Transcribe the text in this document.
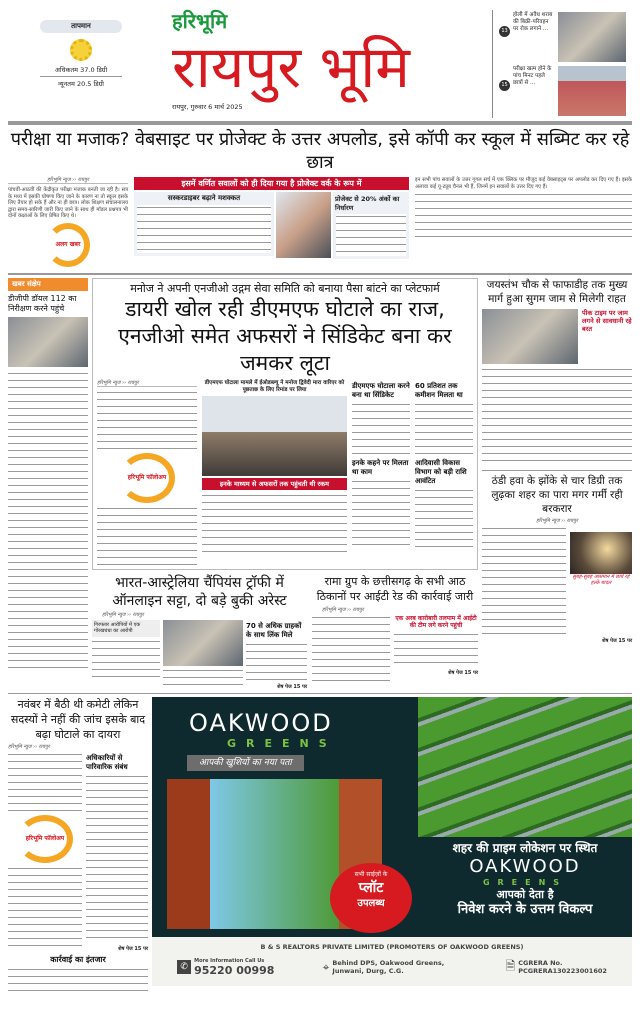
तापमान
अधिकतम 37.0 डिग्री
न्यूनतम 20.5 डिग्री
हरिभूमि
रायपुर भूमि
रायपुर, गुरुवार 6 मार्च 2025
13
होली में अवैध शराब की बिक्री-परिवहन पर रोक लगाने ...
15
परीक्षा खत्म होने के पांच मिनट पहले छात्रों से ...
परीक्षा या मजाक? वेबसाइट पर प्रोजेक्ट के उत्तर अपलोड, इसे कॉपी कर स्कूल में सब्मिट कर रहे छात्र
हरिभूमि न्यूज ›› रायपुर
पांचवीं-आठवीं की केंद्रीकृत परीक्षा मजाक बनती जा रही है। सत्र के मध्य में इसकी घोषणा किए जाने के कारण ना तो स्कूल इसके लिए तैयार हो सके हैं और ना ही छात्र। लोक शिक्षण संचालनालय द्वारा समय-सारिणी जारी किए जाने के साथ ही मॉडल प्रश्नपत्र भी दोनों कक्षाओं के लिए प्रेषित किए थे।
अलग खबर
इसमें वर्णित सवालों को ही दिया गया है प्रोजेक्ट वर्क के रूप में
सस्करडाइबर बढ़ाने मशक्कत	प्रोजेक्ट से 20% अंकों का निर्धारण
इन सभी पांच सवालों के उत्तर गूगल सर्च में एक क्लिक पर मौजूद कई वेबसाइट्स पर अपलोड कर दिए गए हैं। इसके अलावा कई यू-ट्यूब चैनल भी हैं, जिनमें इन सवालों के उत्तर दिए गए हैं।
खबर संक्षेप
डीजीपी डॉयल 112 का निरीक्षण करने पहुंचे
मनोज ने अपनी एनजीओ उद्गम सेवा समिति को बनाया पैसा बांटने का प्लेटफार्म
डायरी खोल रही डीएमएफ घोटाले का राज, एनजीओ समेत अफसरों ने सिंडिकेट बना कर जमकर लूटा
हरिभूमि न्यूज ›› रायपुर
हरिभूमि फॉलोअप
डीएमएफ घोटाला मामले में ईओडब्ल्यू ने मनोज द्विवेदी मारा वारिएर को पूछताछ के लिए रिमांड पर लिया
इनके माध्यम से अफसरों तक पहुंचती थी रकम
डीएमएफ घोटाला करने बना था सिंडिकेट
इनके कहने पर मिलता था काम
60 प्रतिशत तक कमीशन मिलता था
आदिवासी विकास विभाग को बड़ी राशि आवंटित
भारत-आस्ट्रेलिया चैंपियंस ट्रॉफी में ऑनलाइन सट्टा, दो बड़े बुकी अरेस्ट
हरिभूमि न्यूज ›› रायपुर
गिरफ्तार आरोपियों में एक गोरखधंधा का आरोपी
70 से अधिक ग्राहकों के साथ लिंक मिले
शेष पेज 15 पर
रामा ग्रुप के छत्तीसगढ़ के सभी आठ ठिकानों पर आईटी रेड की कार्रवाई जारी
हरिभूमि न्यूज ›› रायपुर
एक अरब कारोबारी तलपाम में आईटी की टीम लगे करने पहुंची
शेष पेज 15 पर
जयस्तंभ चौक से फाफाडीह तक मुख्य मार्ग हुआ सुगम जाम से मिलेगी राहत
पीक टाइम पर जाम लगने से सावधानी रहे बरत
ठंडी हवा के झोंके से चार डिग्री तक लुढ़का शहर का पारा मगर गर्मी रही बरकरार
हरिभूमि न्यूज ›› रायपुर
सुबह-सुबह आसमान में छाये रहे हल्के बादल
शेष पेज 15 पर
नवंबर में बैठी थी कमेटी लेकिन सदस्यों ने नहीं की जांच इसके बाद बढ़ा घोटाले का दायरा
हरिभूमि न्यूज ›› रायपुर
हरिभूमि फॉलोअप
अधिकारियों से पारिवारिक संबंध
शेष पेज 15 पर
कार्रवाई का इंतजार
OAKWOOD
GREENS
आपकी खुशियों का नया पता
सभी साईज़ों के
प्लॉट
उपलब्ध
शहर की प्राइम लोकेशन पर स्थित
OAKWOOD
GREENS
आपको देता है
निवेश करने के उत्तम विकल्प
B & S REALTORS PRIVATE LIMITED (PROMOTERS OF OAKWOOD GREENS)
✆
More Information Call Us
95220 00998	⌖ Behind DPS, Oakwood Greens, Junwani, Durg, C.G.	🗎 CGRERA No.
PCGRERA130223001602
